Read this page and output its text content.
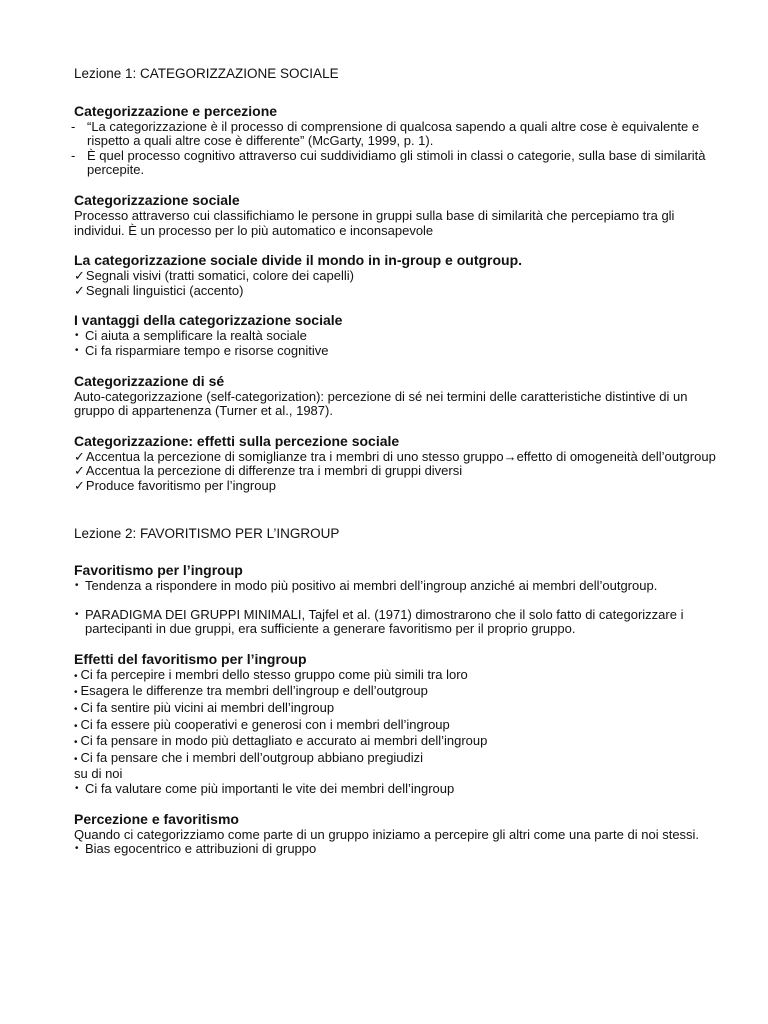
Lezione 1: CATEGORIZZAZIONE SOCIALE
Categorizzazione e percezione
- “La categorizzazione è il processo di comprensione di qualcosa sapendo a quali altre cose è equivalente e rispetto a quali altre cose è differente” (McGarty, 1999, p. 1).
- È quel processo cognitivo attraverso cui suddividiamo gli stimoli in classi o categorie, sulla base di similarità percepite.
Categorizzazione sociale

Processo attraverso cui classifichiamo le persone in gruppi sulla base di similarità che percepiamo tra gli individui. È un processo per lo più automatico e inconsapevole

La categorizzazione sociale divide il mondo in in-group e outgroup.
✓Segnali visivi (tratti somatici, colore dei capelli)
✓Segnali linguistici (accento)
I vantaggi della categorizzazione sociale
• Ci aiuta a semplificare la realtà sociale
• Ci fa risparmiare tempo e risorse cognitive
Categorizzazione di sé

Auto-categorizzazione (self-categorization): percezione di sé nei termini delle caratteristiche distintive di un gruppo di appartenenza (Turner et al., 1987).

Categorizzazione: effetti sulla percezione sociale
✓Accentua la percezione di somiglianze tra i membri di uno stesso gruppo→effetto di omogeneità dell’outgroup
✓Accentua la percezione di differenze tra i membri di gruppi diversi
✓Produce favoritismo per l’ingroup
Lezione 2: FAVORITISMO PER L’INGROUP
Favoritismo per l’ingroup
• Tendenza a rispondere in modo più positivo ai membri dell’ingroup anziché ai membri dell’outgroup.
• PARADIGMA DEI GRUPPI MINIMALI, Tajfel et al. (1971) dimostrarono che il solo fatto di categorizzare i partecipanti in due gruppi, era sufficiente a generare favoritismo per il proprio gruppo.
Effetti del favoritismo per l’ingroup
• Ci fa percepire i membri dello stesso gruppo come più simili tra loro
• Esagera le differenze tra membri dell’ingroup e dell’outgroup
• Ci fa sentire più vicini ai membri dell’ingroup
• Ci fa essere più cooperativi e generosi con i membri dell’ingroup
• Ci fa pensare in modo più dettagliato e accurato ai membri dell’ingroup
• Ci fa pensare che i membri dell’outgroup abbiano pregiudizi

su di noi

• Ci fa valutare come più importanti le vite dei membri dell’ingroup
Percezione e favoritismo

Quando ci categorizziamo come parte di un gruppo iniziamo a percepire gli altri come una parte di noi stessi.

• Bias egocentrico e attribuzioni di gruppo
